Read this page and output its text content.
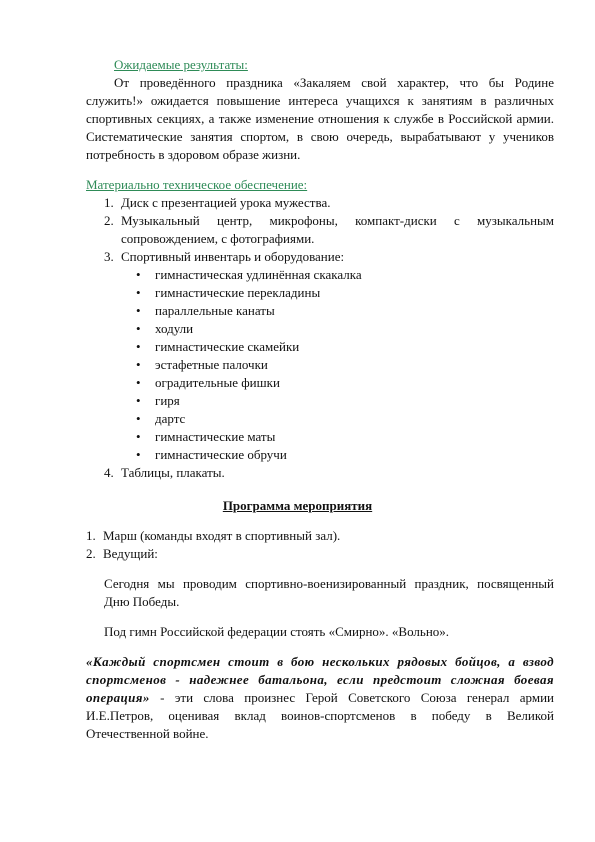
Ожидаемые результаты:
От проведённого праздника «Закаляем свой характер, что бы Родине служить!» ожидается повышение интереса учащихся к занятиям в различных спортивных секциях, а также изменение отношения к службе в Российской армии. Систематические занятия спортом, в свою очередь, вырабатывают у учеников потребность в здоровом образе жизни.
Материально техническое обеспечение:
1. Диск с презентацией урока мужества.
2. Музыкальный центр, микрофоны, компакт-диски с музыкальным сопровождением, с фотографиями.
3. Спортивный инвентарь и оборудование:
•	гимнастическая удлинённая скакалка
•	гимнастические перекладины
•	параллельные канаты
•	ходули
•	гимнастические скамейки
•	эстафетные палочки
•	оградительные фишки
•	гиря
•	дартс
•	гимнастические маты
•	гимнастические обручи
4. Таблицы, плакаты.
Программа мероприятия
1. Марш (команды входят в спортивный зал).
2. Ведущий:
Сегодня мы проводим спортивно-военизированный праздник, посвященный Дню Победы.
Под гимн Российской федерации стоять «Смирно». «Вольно».
«Каждый спортсмен стоит в бою нескольких рядовых бойцов, а взвод спортсменов - надежнее батальона, если предстоит сложная боевая операция» - эти слова произнес Герой Советского Союза генерал армии И.Е.Петров, оценивая вклад воинов-спортсменов в победу в Великой Отечественной войне.
